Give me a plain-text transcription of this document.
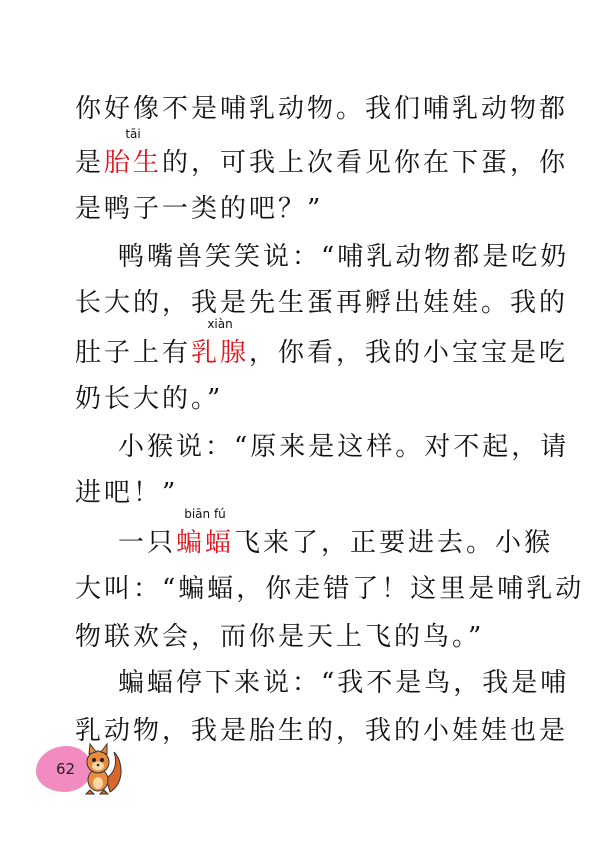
你好像不是哺乳动物。我们哺乳动物都
是
tāi
胎生的，可我上次看见你在下蛋，你
是鸭子一类的吧？”
鸭嘴兽笑笑说：“哺乳动物都是吃奶
长大的，我是先生蛋再孵出娃娃。我的
肚子上有
xiàn
乳腺，你看，我的小宝宝是吃
奶长大的。”
小猴说：“原来是这样。对不起，请
进吧！”
一只
biān fú
蝙蝠飞来了，正要进去。小猴
大叫：“蝙蝠，你走错了！这里是哺乳动
物联欢会，而你是天上飞的鸟。”
蝙蝠停下来说：“我不是鸟，我是哺
乳动物，我是胎生的，我的小娃娃也是
62
